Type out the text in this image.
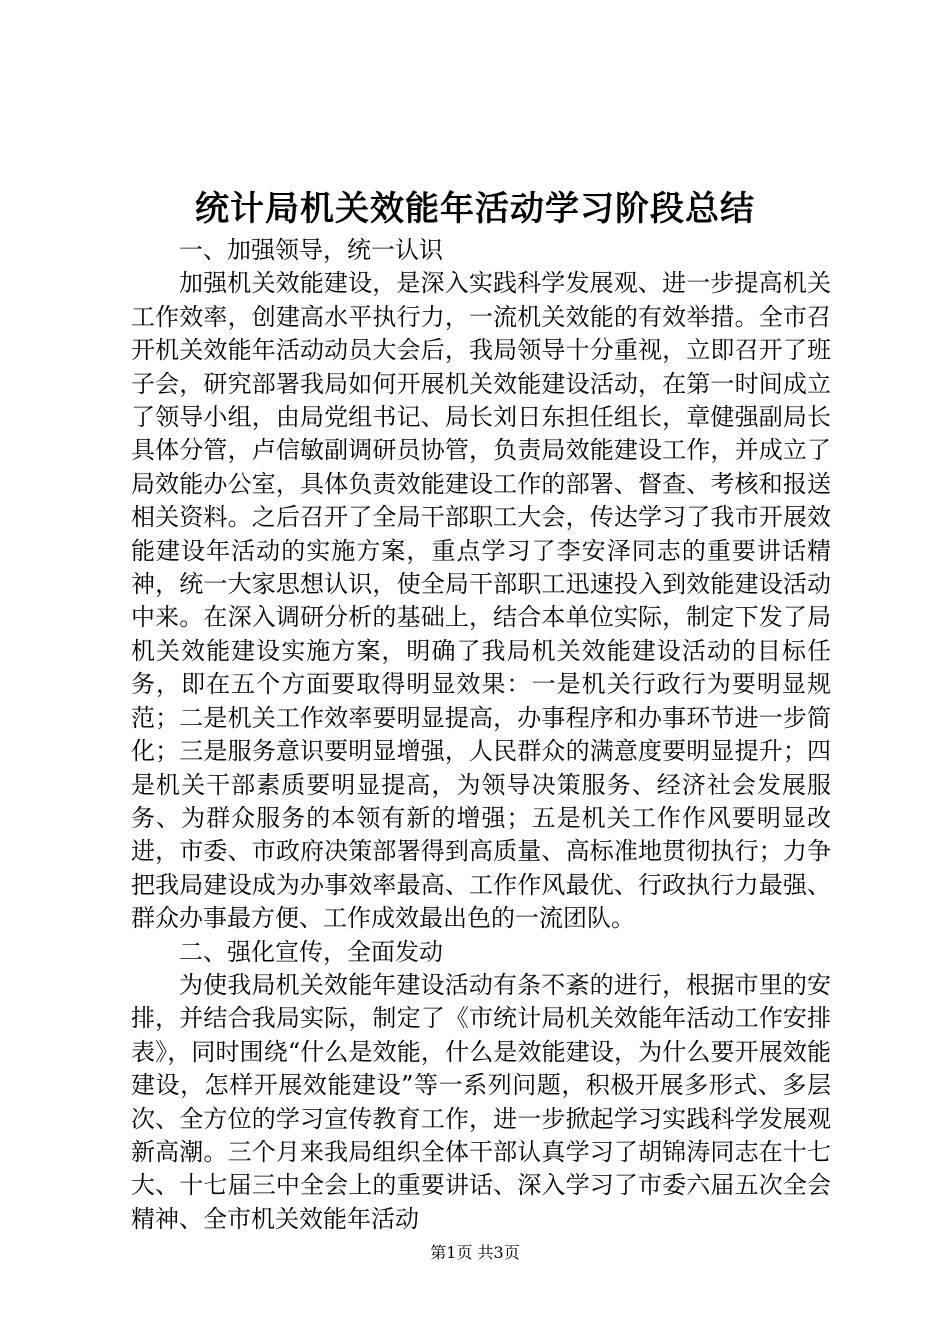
统计局机关效能年活动学习阶段总结

一、加强领导，统一认识

加强机关效能建设，是深入实践科学发展观、进一步提高机关工作效率，创建高水平执行力，一流机关效能的有效举措。全市召开机关效能年活动动员大会后，我局领导十分重视，立即召开了班子会，研究部署我局如何开展机关效能建设活动，在第一时间成立了领导小组，由局党组书记、局长刘日东担任组长，章健强副局长具体分管，卢信敏副调研员协管，负责局效能建设工作，并成立了局效能办公室，具体负责效能建设工作的部署、督查、考核和报送相关资料。之后召开了全局干部职工大会，传达学习了我市开展效能建设年活动的实施方案，重点学习了李安泽同志的重要讲话精神，统一大家思想认识，使全局干部职工迅速投入到效能建设活动中来。在深入调研分析的基础上，结合本单位实际，制定下发了局机关效能建设实施方案，明确了我局机关效能建设活动的目标任务，即在五个方面要取得明显效果：一是机关行政行为要明显规范；二是机关工作效率要明显提高，办事程序和办事环节进一步简化；三是服务意识要明显增强，人民群众的满意度要明显提升；四是机关干部素质要明显提高，为领导决策服务、经济社会发展服务、为群众服务的本领有新的增强；五是机关工作作风要明显改进，市委、市政府决策部署得到高质量、高标准地贯彻执行；力争把我局建设成为办事效率最高、工作作风最优、行政执行力最强、群众办事最方便、工作成效最出色的一流团队。

二、强化宣传，全面发动

为使我局机关效能年建设活动有条不紊的进行，根据市里的安排，并结合我局实际，制定了《市统计局机关效能年活动工作安排表》，同时围绕“什么是效能，什么是效能建设，为什么要开展效能建设，怎样开展效能建设”等一系列问题，积极开展多形式、多层次、全方位的学习宣传教育工作，进一步掀起学习实践科学发展观新高潮。三个月来我局组织全体干部认真学习了胡锦涛同志在十七大、十七届三中全会上的重要讲话、深入学习了市委六届五次全会精神、全市机关效能年活动

第1页 共3页
